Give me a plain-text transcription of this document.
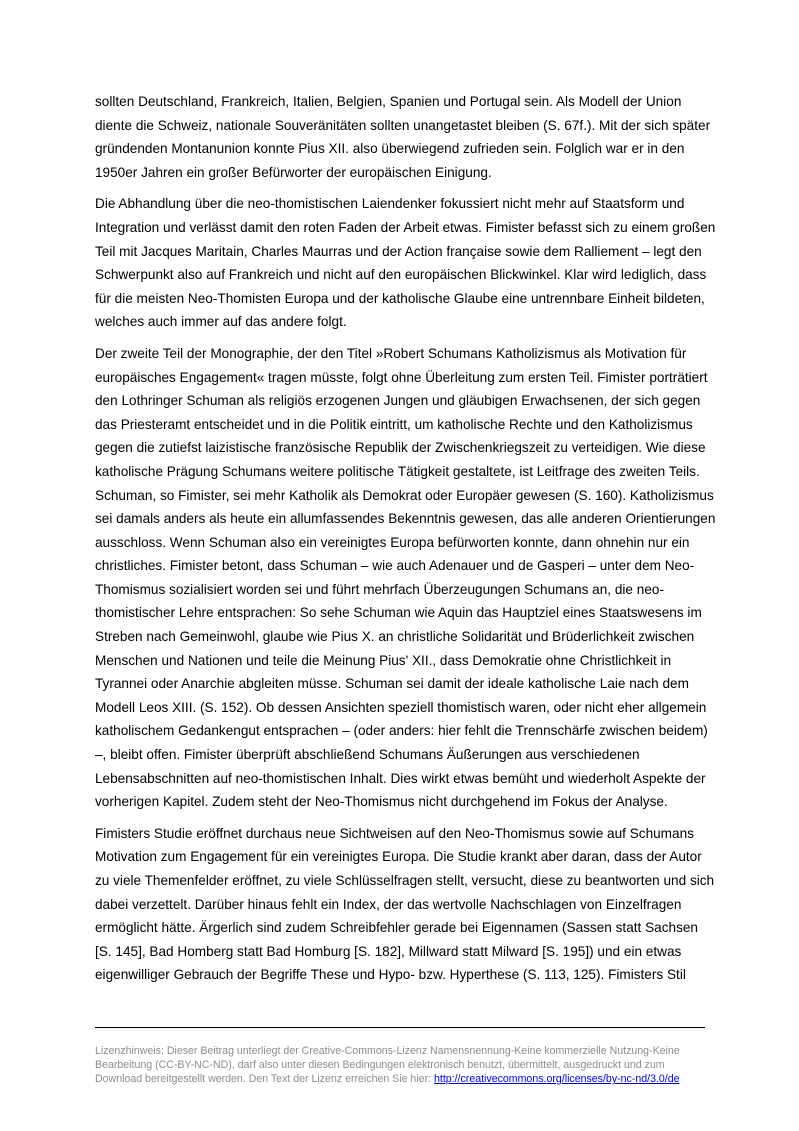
sollten Deutschland, Frankreich, Italien, Belgien, Spanien und Portugal sein. Als Modell der Union diente die Schweiz, nationale Souveränitäten sollten unangetastet bleiben (S. 67f.). Mit der sich später gründenden Montanunion konnte Pius XII. also überwiegend zufrieden sein. Folglich war er in den 1950er Jahren ein großer Befürworter der europäischen Einigung.

Die Abhandlung über die neo-thomistischen Laiendenker fokussiert nicht mehr auf Staatsform und Integration und verlässt damit den roten Faden der Arbeit etwas. Fimister befasst sich zu einem großen Teil mit Jacques Maritain, Charles Maurras und der Action française sowie dem Ralliement – legt den Schwerpunkt also auf Frankreich und nicht auf den europäischen Blickwinkel. Klar wird lediglich, dass für die meisten Neo-Thomisten Europa und der katholische Glaube eine untrennbare Einheit bildeten, welches auch immer auf das andere folgt.

Der zweite Teil der Monographie, der den Titel »Robert Schumans Katholizismus als Motivation für europäisches Engagement« tragen müsste, folgt ohne Überleitung zum ersten Teil. Fimister porträtiert den Lothringer Schuman als religiös erzogenen Jungen und gläubigen Erwachsenen, der sich gegen das Priesteramt entscheidet und in die Politik eintritt, um katholische Rechte und den Katholizismus gegen die zutiefst laizistische französische Republik der Zwischenkriegszeit zu verteidigen. Wie diese katholische Prägung Schumans weitere politische Tätigkeit gestaltete, ist Leitfrage des zweiten Teils. Schuman, so Fimister, sei mehr Katholik als Demokrat oder Europäer gewesen (S. 160). Katholizismus sei damals anders als heute ein allumfassendes Bekenntnis gewesen, das alle anderen Orientierungen ausschloss. Wenn Schuman also ein vereinigtes Europa befürworten konnte, dann ohnehin nur ein christliches. Fimister betont, dass Schuman – wie auch Adenauer und de Gasperi – unter dem Neo-Thomismus sozialisiert worden sei und führt mehrfach Überzeugungen Schumans an, die neo-thomistischer Lehre entsprachen: So sehe Schuman wie Aquin das Hauptziel eines Staatswesens im Streben nach Gemeinwohl, glaube wie Pius X. an christliche Solidarität und Brüderlichkeit zwischen Menschen und Nationen und teile die Meinung Pius' XII., dass Demokratie ohne Christlichkeit in Tyrannei oder Anarchie abgleiten müsse. Schuman sei damit der ideale katholische Laie nach dem Modell Leos XIII. (S. 152). Ob dessen Ansichten speziell thomistisch waren, oder nicht eher allgemein katholischem Gedankengut entsprachen – (oder anders: hier fehlt die Trennschärfe zwischen beidem) –, bleibt offen. Fimister überprüft abschließend Schumans Äußerungen aus verschiedenen Lebensabschnitten auf neo-thomistischen Inhalt. Dies wirkt etwas bemüht und wiederholt Aspekte der vorherigen Kapitel. Zudem steht der Neo-Thomismus nicht durchgehend im Fokus der Analyse.

Fimisters Studie eröffnet durchaus neue Sichtweisen auf den Neo-Thomismus sowie auf Schumans Motivation zum Engagement für ein vereinigtes Europa. Die Studie krankt aber daran, dass der Autor zu viele Themenfelder eröffnet, zu viele Schlüsselfragen stellt, versucht, diese zu beantworten und sich dabei verzettelt. Darüber hinaus fehlt ein Index, der das wertvolle Nachschlagen von Einzelfragen ermöglicht hätte. Ärgerlich sind zudem Schreibfehler gerade bei Eigennamen (Sassen statt Sachsen [S. 145], Bad Homberg statt Bad Homburg [S. 182], Millward statt Milward [S. 195]) und ein etwas eigenwilliger Gebrauch der Begriffe These und Hypo- bzw. Hyperthese (S. 113, 125). Fimisters Stil

Lizenzhinweis: Dieser Beitrag unterliegt der Creative-Commons-Lizenz Namensnennung-Keine kommerzielle Nutzung-Keine Bearbeitung (CC-BY-NC-ND), darf also unter diesen Bedingungen elektronisch benutzt, übermittelt, ausgedruckt und zum Download bereitgestellt werden. Den Text der Lizenz erreichen Sie hier: http://creativecommons.org/licenses/by-nc-nd/3.0/de
